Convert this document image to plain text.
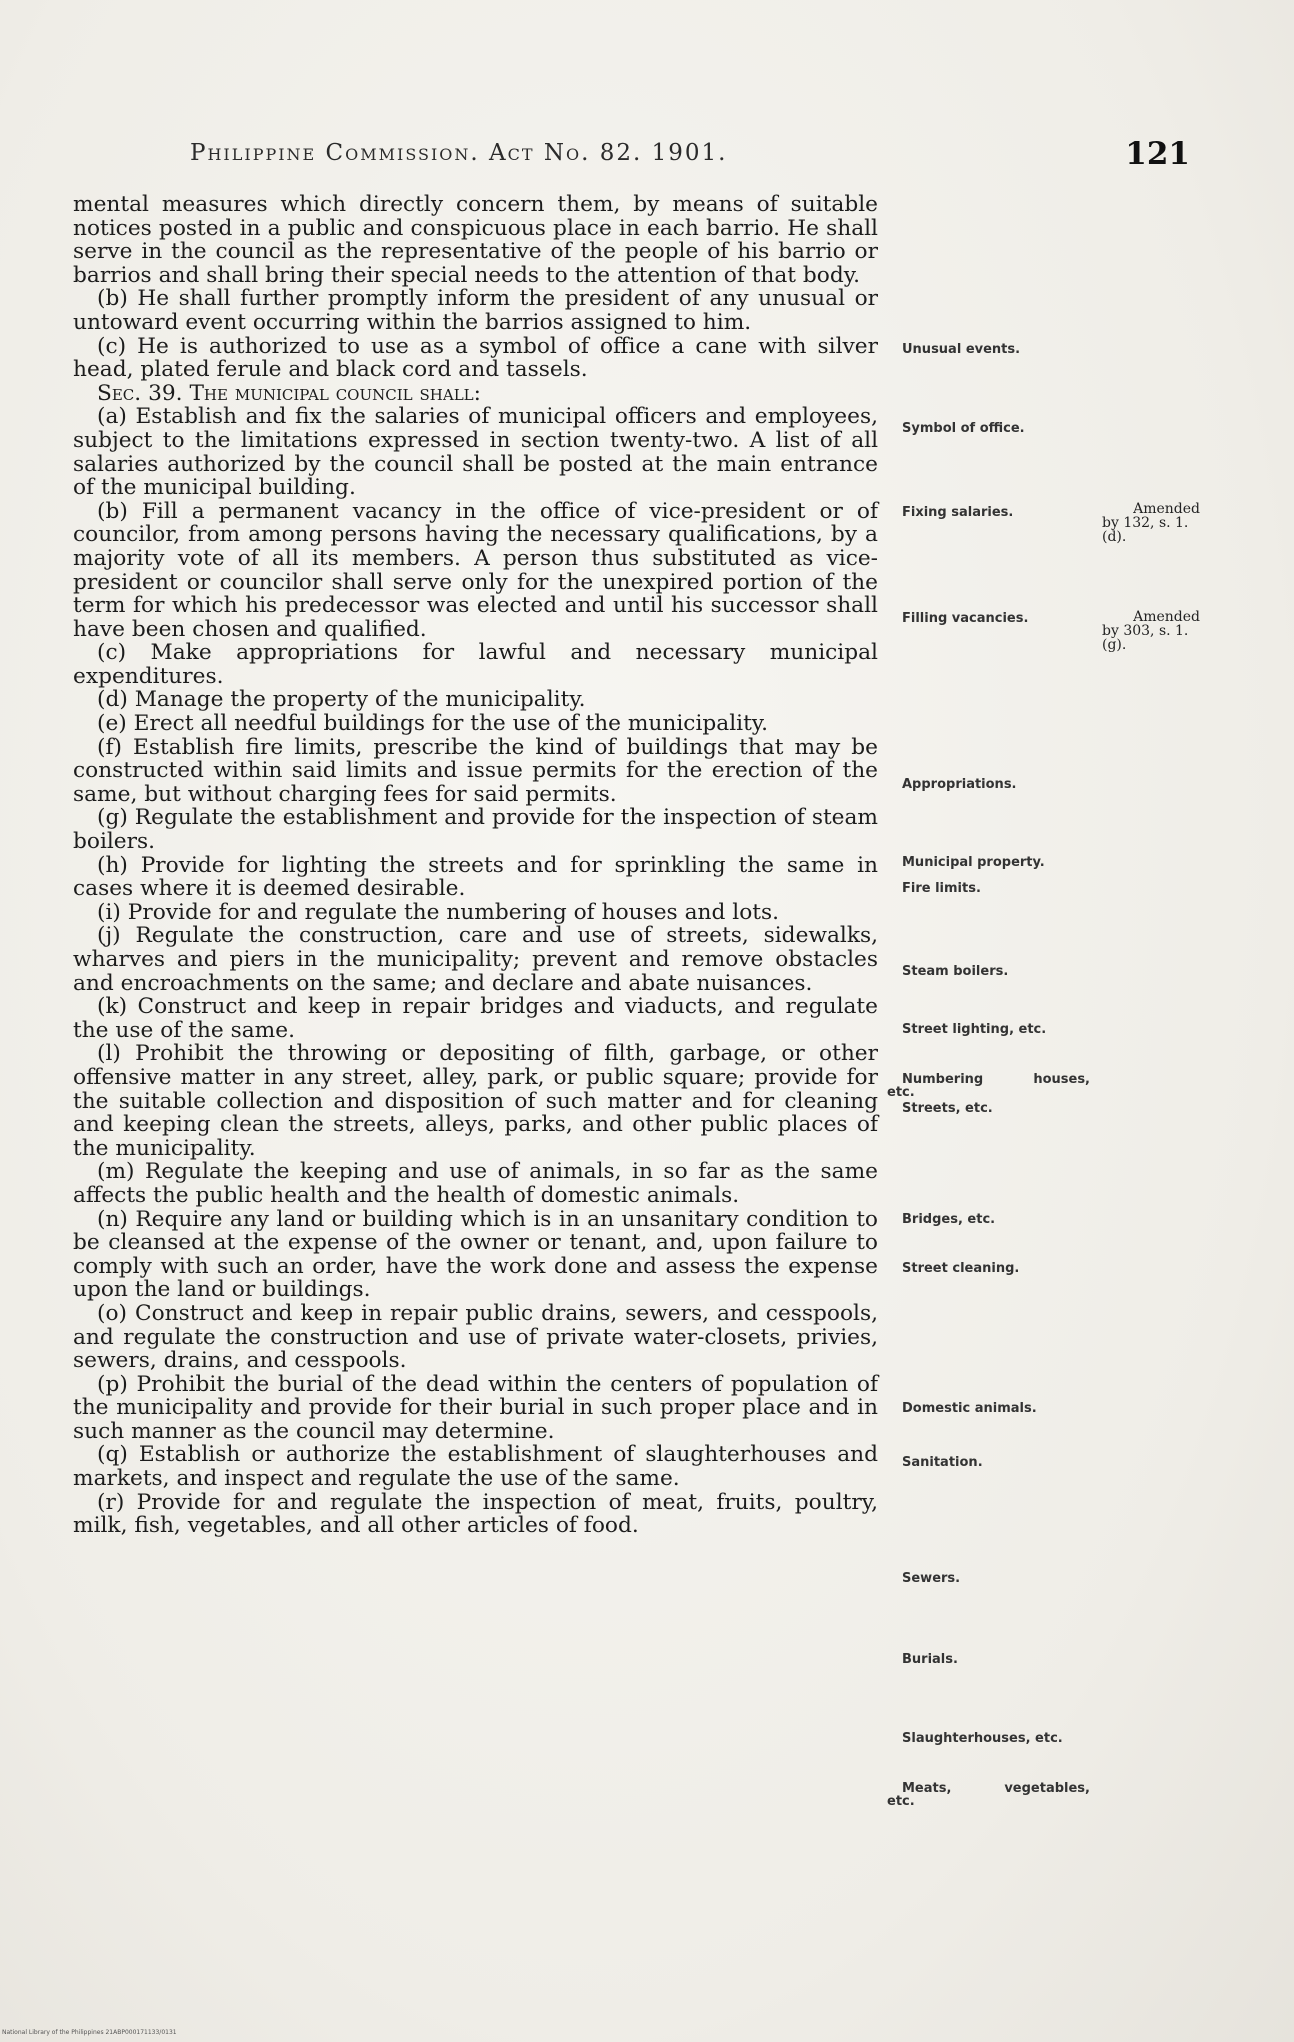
Philippine Commission. Act No. 82. 1901.	121

mental measures which directly concern them, by means of suitable notices posted in a public and conspicuous place in each barrio. He shall serve in the council as the representative of the people of his barrio or barrios and shall bring their special needs to the attention of that body.

(b) He shall further promptly inform the president of any unusual or untoward event occurring within the barrios assigned to him.

(c) He is authorized to use as a symbol of office a cane with silver head, plated ferule and black cord and tassels.

Sec. 39. The municipal council shall:

(a) Establish and fix the salaries of municipal officers and employees, subject to the limitations expressed in section twenty-two. A list of all salaries authorized by the council shall be posted at the main entrance of the municipal building.

(b) Fill a permanent vacancy in the office of vice-president or of councilor, from among persons having the necessary qualifications, by a majority vote of all its members. A person thus substituted as vice-president or councilor shall serve only for the unexpired portion of the term for which his predecessor was elected and until his successor shall have been chosen and qualified.

(c) Make appropriations for lawful and necessary municipal expenditures.

(d) Manage the property of the municipality.

(e) Erect all needful buildings for the use of the municipality.

(f) Establish fire limits, prescribe the kind of buildings that may be constructed within said limits and issue permits for the erection of the same, but without charging fees for said permits.

(g) Regulate the establishment and provide for the inspection of steam boilers.

(h) Provide for lighting the streets and for sprinkling the same in cases where it is deemed desirable.

(i) Provide for and regulate the numbering of houses and lots.

(j) Regulate the construction, care and use of streets, sidewalks, wharves and piers in the municipality; prevent and remove obstacles and encroachments on the same; and declare and abate nuisances.

(k) Construct and keep in repair bridges and viaducts, and regulate the use of the same.

(l) Prohibit the throwing or depositing of filth, garbage, or other offensive matter in any street, alley, park, or public square; provide for the suitable collection and disposition of such matter and for cleaning and keeping clean the streets, alleys, parks, and other public places of the municipality.

(m) Regulate the keeping and use of animals, in so far as the same affects the public health and the health of domestic animals.

(n) Require any land or building which is in an unsanitary condition to be cleansed at the expense of the owner or tenant, and, upon failure to comply with such an order, have the work done and assess the expense upon the land or buildings.

(o) Construct and keep in repair public drains, sewers, and cesspools, and regulate the construction and use of private water-closets, privies, sewers, drains, and cesspools.

(p) Prohibit the burial of the dead within the centers of population of the municipality and provide for their burial in such proper place and in such manner as the council may determine.

(q) Establish or authorize the establishment of slaughterhouses and markets, and inspect and regulate the use of the same.

(r) Provide for and regulate the inspection of meat, fruits, poultry, milk, fish, vegetables, and all other articles of food.

Unusual events.
Symbol of office.
Fixing salaries.
Filling vacancies.
Appropriations.
Municipal property.
Fire limits.
Steam boilers.
Street lighting, etc.
Numbering houses,
etc.
Streets, etc.
Bridges, etc.
Street cleaning.
Domestic animals.
Sanitation.
Sewers.
Burials.
Slaughterhouses, etc.
Meats, vegetables,
etc.
Amended
by 132, s. 1.
(d).
Amended
by 303, s. 1.
(g).
National Library of the Philippines 21ABP000171133/0131
